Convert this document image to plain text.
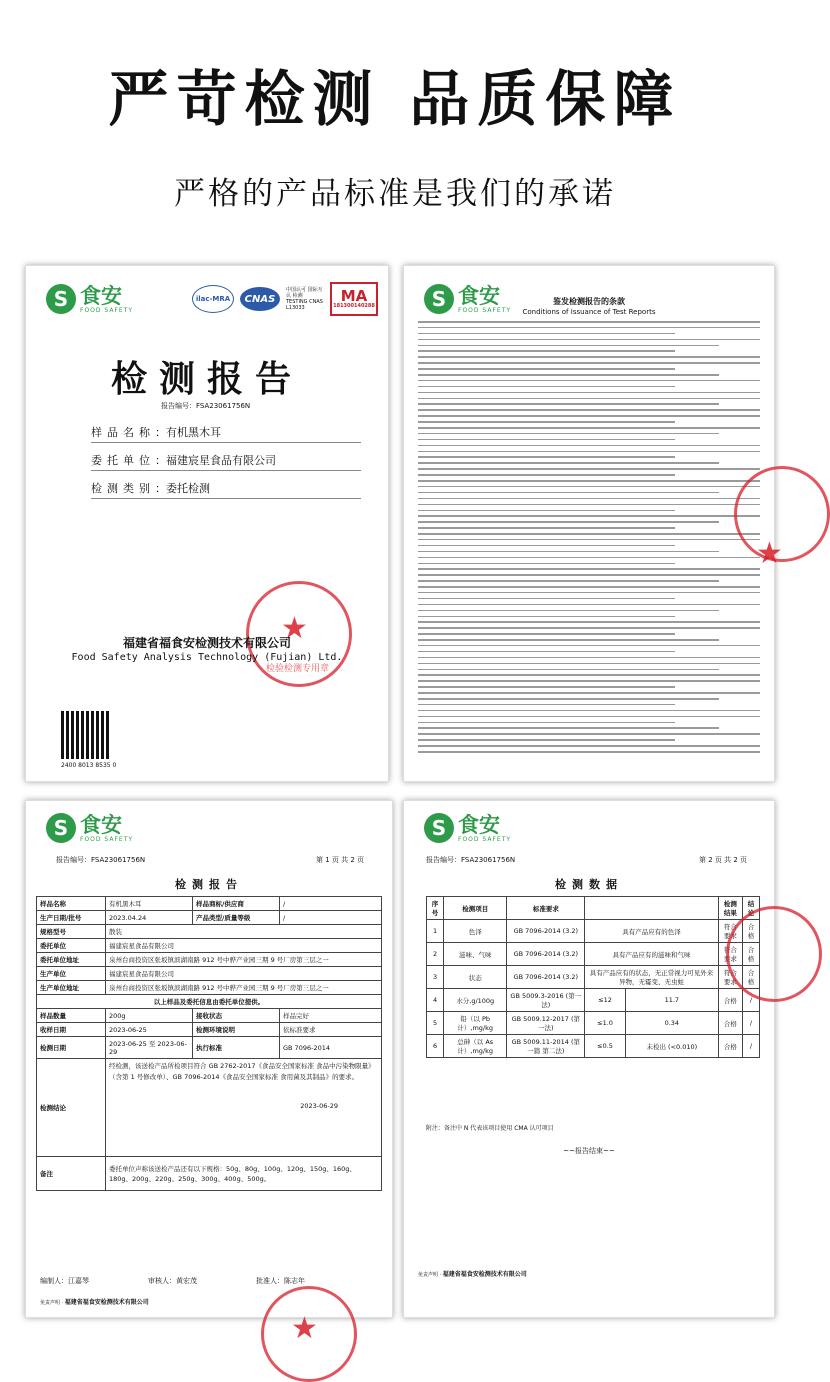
严苛检测 品质保障
严格的产品标准是我们的承诺
S 食安
FOOD SAFETY
ilac-MRA	CNAS
中国认可 国际互认 检测 TESTING CNAS L13033
MA
181300140288
检测报告
报告编号：FSA23061756N
样品名称：有机黑木耳
委托单位：福建宸星食品有限公司
检测类别：委托检测
★
检验检测专用章
福建省福食安检测技术有限公司
Food Safety Analysis Technology (Fujian) Ltd.
2400 8013 8535 0
S 食安
FOOD SAFETY
鉴发检测报告的条款
Conditions of Issuance of Test Reports
★
S 食安
FOOD SAFETY
报告编号：FSA23061756N	第 1 页 共 2 页
检测报告
样品名称	有机黑木耳	样品商标/供应商	/
生产日期/批号	2023.04.24	产品类型/质量等级	/
规格型号	散装		
委托单位	福建宸星食品有限公司		
委托单位地址	泉州台商投资区张坂镇滨湖南路 912 号中骅产业园三期 9 号厂房第三层之一		
生产单位	福建宸星食品有限公司		
生产单位地址	泉州台商投资区张坂镇滨湖南路 912 号中骅产业园三期 9 号厂房第三层之一		
以上样品及委托信息由委托单位提供。			
样品数量	200g	接收状态	样品完好
收样日期	2023-06-25	检测环境说明	依标准要求
检测日期	2023-06-25 至 2023-06-29	执行标准	GB 7096-2014
检测结论	经检测，该送检产品所检项目符合 GB 2762-2017《食品安全国家标准 食品中污染物限量》（含第 1 号修改单）、GB 7096-2014《食品安全国家标准 食用菌及其制品》的要求。
2023-06-29		

备注	委托单位声称该送检产品还有以下规格：50g、80g、100g、120g、150g、160g、180g、200g、220g、250g、300g、400g、500g。		
★
编制人：江嘉琴	审核人：黄宏茂	批准人：陈志年
免责声明 · 福建省福食安检测技术有限公司
S 食安
FOOD SAFETY
报告编号：FSA23061756N	第 2 页 共 2 页
检测数据
序号	检测项目	标准要求			检测结果	结论
1	色泽	GB 7096-2014 (3.2)	具有产品应有的色泽		符合要求	合格
2	滋味、气味	GB 7096-2014 (3.2)	具有产品应有的滋味和气味		符合要求	合格
3	状态	GB 7096-2014 (3.2)	具有产品应有的状态，无正常视力可见外来异物，无霉变、无虫蛀		符合要求	合格
4	水分,g/100g	GB 5009.3-2016 (第一法)	≤12	11.7	合格	/
5	铅（以 Pb 计）,mg/kg	GB 5009.12-2017 (第一法)	≤1.0	0.34	合格	/
6	总砷（以 As 计）,mg/kg	GB 5009.11-2014 (第一篇 第二法)	≤0.5	未检出 (<0.010)	合格	/
附注：备注中 N 代表该项目使用 CMA 认可项目
~~报告结束~~
免责声明 · 福建省福食安检测技术有限公司
